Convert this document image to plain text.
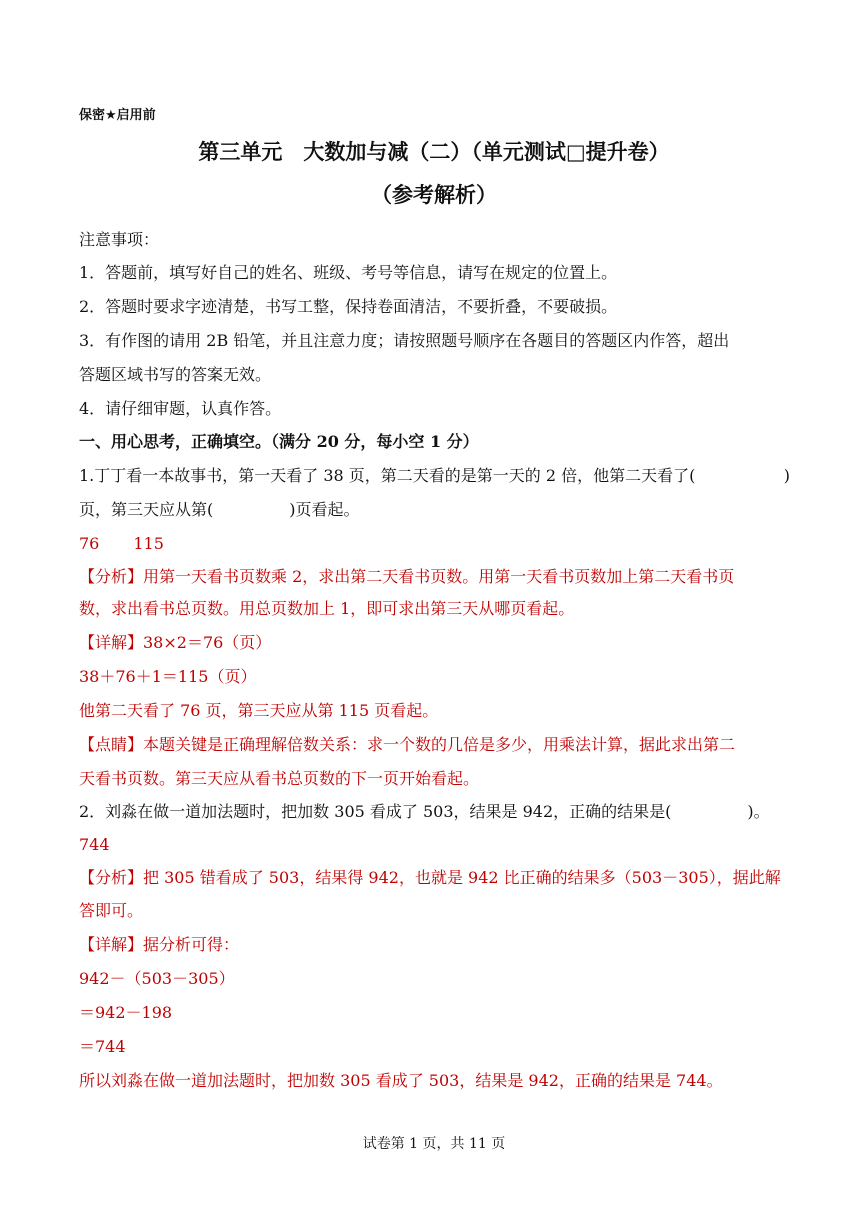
保密★启用前
第三单元　大数加与减（二）（单元测试□提升卷）
（参考解析）
注意事项：
1．答题前，填写好自己的姓名、班级、考号等信息，请写在规定的位置上。
2．答题时要求字迹清楚，书写工整，保持卷面清洁，不要折叠，不要破损。
3．有作图的请用 2B 铅笔，并且注意力度；请按照题号顺序在各题目的答题区内作答，超出
答题区域书写的答案无效。
4．请仔细审题，认真作答。
一、用心思考，正确填空。（满分 20 分，每小空 1 分）
1.丁丁看一本故事书，第一天看了 38 页，第二天看的是第一天的 2 倍，他第二天看了(	)
页，第三天应从第(	)页看起。
76 115
【分析】用第一天看书页数乘 2，求出第二天看书页数。用第一天看书页数加上第二天看书页
数，求出看书总页数。用总页数加上 1，即可求出第三天从哪页看起。
【详解】38×2＝76（页）
38＋76＋1＝115（页）
他第二天看了 76 页，第三天应从第 115 页看起。
【点睛】本题关键是正确理解倍数关系：求一个数的几倍是多少，用乘法计算，据此求出第二
天看书页数。第三天应从看书总页数的下一页开始看起。
2．刘淼在做一道加法题时，把加数 305 看成了 503，结果是 942，正确的结果是(	)。
744
【分析】把 305 错看成了 503，结果得 942，也就是 942 比正确的结果多（503－305），据此解
答即可。
【详解】据分析可得：
942－（503－305）
＝942－198
＝744
所以刘淼在做一道加法题时，把加数 305 看成了 503，结果是 942，正确的结果是 744。
试卷第 1 页，共 11 页
